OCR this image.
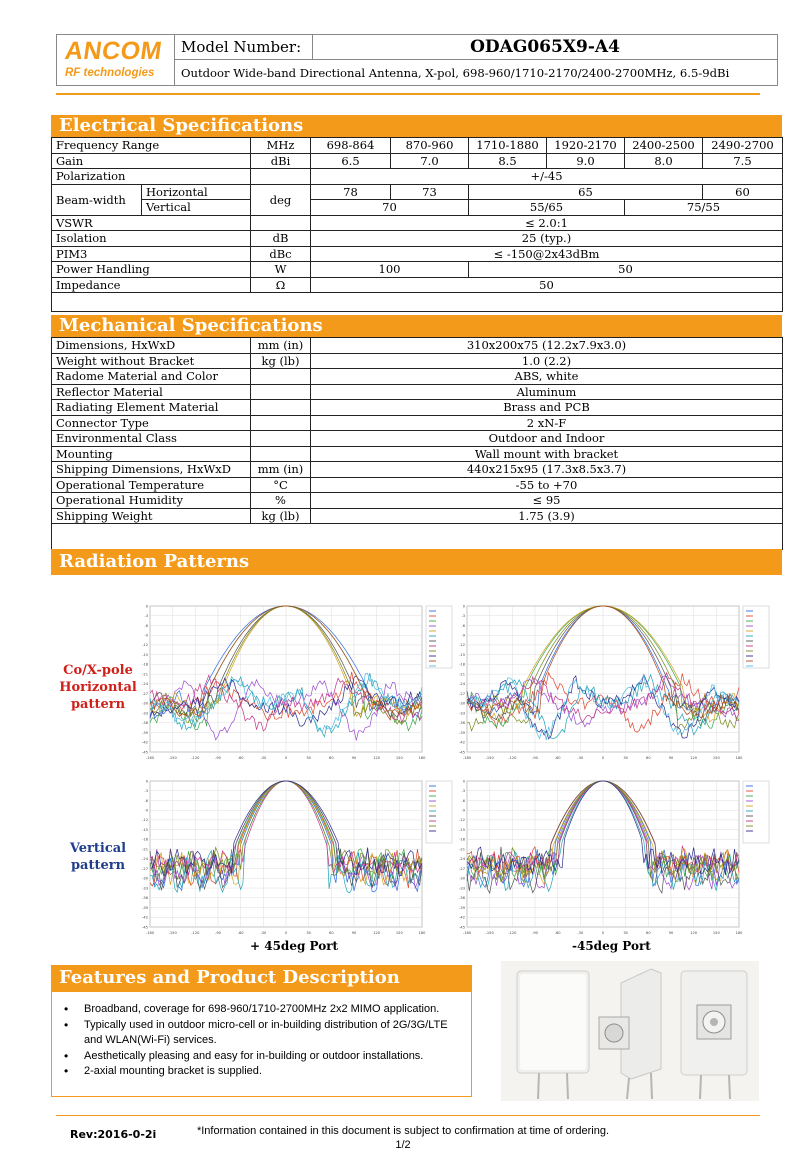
ANCOM
RF technologies
Model Number:	ODAG065X9-A4
Outdoor Wide-band Directional Antenna, X-pol, 698-960/1710-2170/2400-2700MHz, 6.5-9dBi
Electrical Specifications
Frequency Range		MHz	698-864	870-960	1710-1880	1920-2170	2400-2500	2490-2700
Gain		dBi	6.5	7.0	8.5	9.0	8.0	7.5
Polarization			+/-45					
Beam-width	Horizontal	deg	78	73	65			60
	Vertical		70		55/65		75/55	
VSWR			≤ 2.0:1					
Isolation		dB	25 (typ.)					
PIM3		dBc	≤ -150@2x43dBm					
Power Handling		W	100		50			
Impedance		Ω	50					

Mechanical Specifications
Dimensions, HxWxD	mm (in)	310x200x75 (12.2x7.9x3.0)
Weight without Bracket	kg (lb)	1.0 (2.2)
Radome Material and Color		ABS, white
Reflector Material		Aluminum
Radiating Element Material		Brass and PCB
Connector Type		2 xN-F
Environmental Class		Outdoor and Indoor
Mounting		Wall mount with bracket
Shipping Dimensions, HxWxD	mm (in)	440x215x95 (17.3x8.5x3.7)
Operational Temperature	°C	-55 to +70
Operational Humidity	%	≤ 95
Shipping Weight	kg (lb)	1.75 (3.9)

Radiation Patterns
Co/X-pole
Horizontal
pattern
Vertical
pattern
-180	-150	-120	-90	-60	-30	0	30	60	90	120	150	180
0
-3
-6
-9
-12
-15
-18
-21
-24
-27
-30
-33
-36
-39
-42
-45
-180	-150	-120	-90	-60	-30	0	30	60	90	120	150	180
0
-3
-6
-9
-12
-15
-18
-21
-24
-27
-30
-33
-36
-39
-42
-45
-180	-150	-120	-90	-60	-30	0	30	60	90	120	150	180
0
-3
-6
-9
-12
-15
-18
-21
-24
-27
-30
-33
-36
-39
-42
-45
-180	-150	-120	-90	-60	-30	0	30	60	90	120	150	180
0
-3
-6
-9
-12
-15
-18
-21
-24
-27
-30
-33
-36
-39
-42
-45
+ 45deg Port	-45deg Port
Features and Product Description
• Broadband, coverage for 698-960/1710-2700MHz 2x2 MIMO application.
• Typically used in outdoor micro-cell or in-building distribution of 2G/3G/LTE and WLAN(Wi-Fi) services.
• Aesthetically pleasing and easy for in-building or outdoor installations.
• 2-axial mounting bracket is supplied.
Rev:2016-0-2i	*Information contained in this document is subject to confirmation at time of ordering.
1/2
